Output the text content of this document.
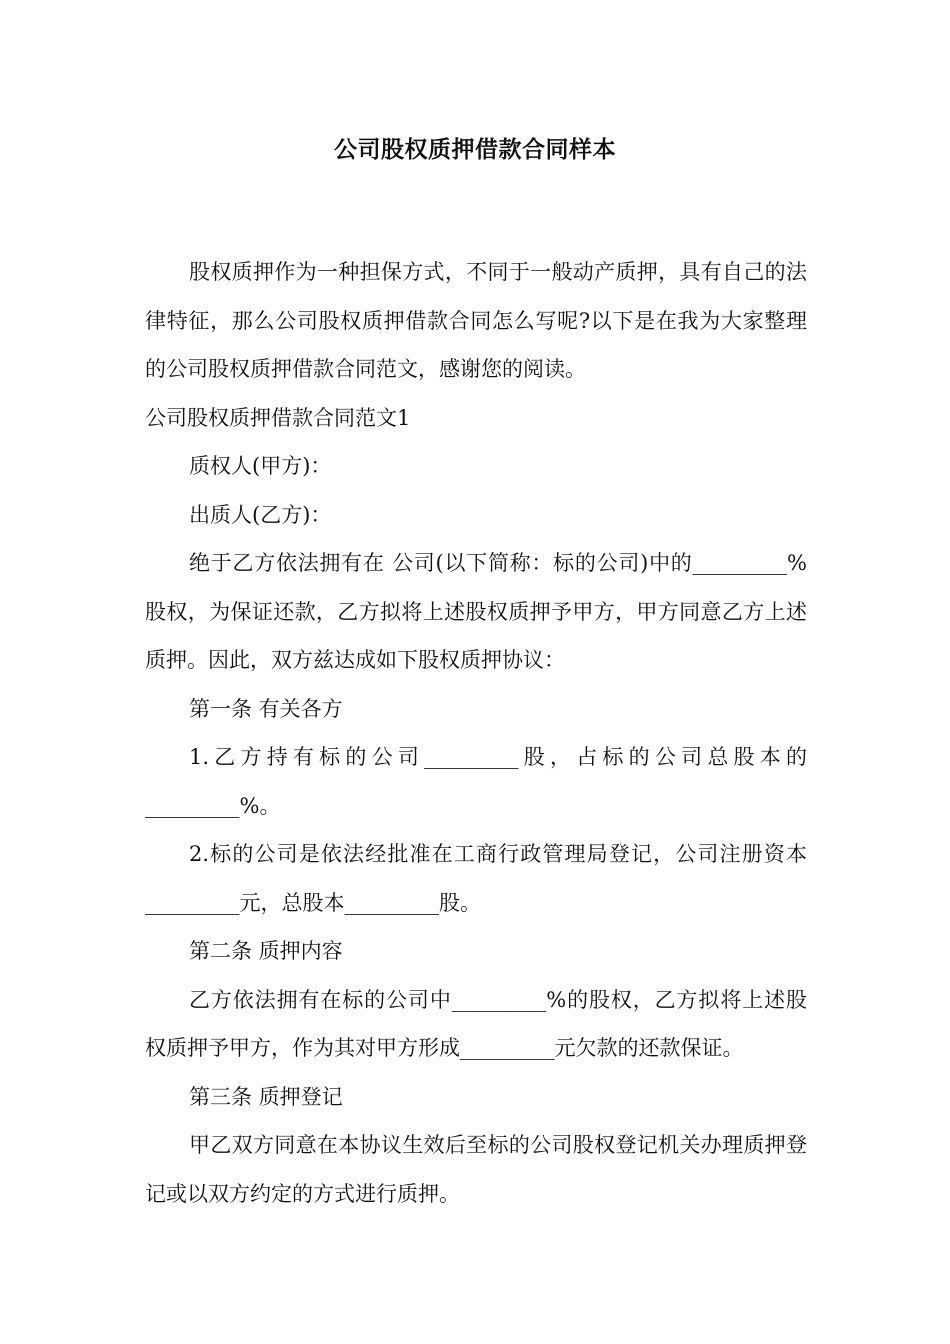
公司股权质押借款合同样本

股权质押作为一种担保方式，不同于一般动产质押，具有自己的法律特征，那么公司股权质押借款合同怎么写呢?以下是在我为大家整理的公司股权质押借款合同范文，感谢您的阅读。

公司股权质押借款合同范文1

质权人(甲方)：

出质人(乙方)：

绝于乙方依法拥有在 公司(以下简称：标的公司)中的_________%股权，为保证还款，乙方拟将上述股权质押予甲方，甲方同意乙方上述质押。因此，双方兹达成如下股权质押协议：

第一条 有关各方

1.乙方持有标的公司_________股，占标的公司总股本的_________%。

2.标的公司是依法经批准在工商行政管理局登记，公司注册资本_________元，总股本_________股。

第二条 质押内容

乙方依法拥有在标的公司中_________%的股权，乙方拟将上述股权质押予甲方，作为其对甲方形成_________元欠款的还款保证。

第三条 质押登记

甲乙双方同意在本协议生效后至标的公司股权登记机关办理质押登记或以双方约定的方式进行质押。
